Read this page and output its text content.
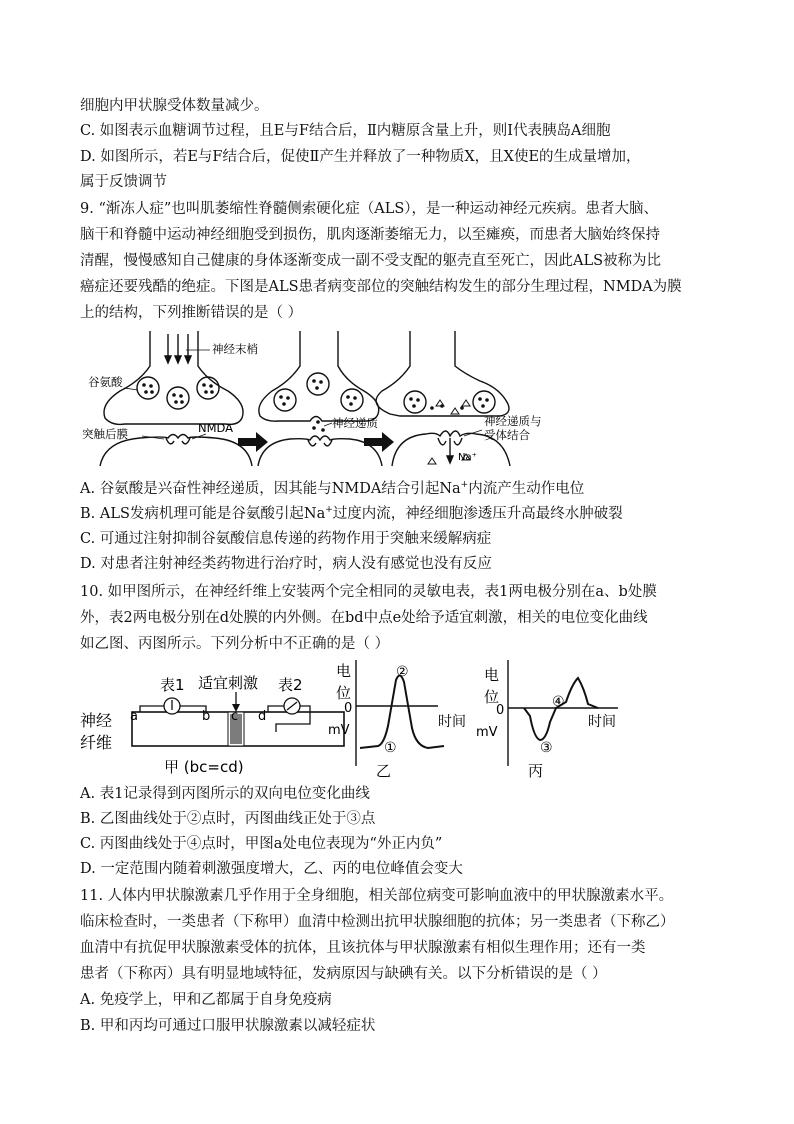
细胞内甲状腺受体数量减少。
C. 如图表示血糖调节过程，且E与F结合后，Ⅱ内糖原含量上升，则Ⅰ代表胰岛A细胞
D. 如图所示，若E与F结合后，促使Ⅱ产生并释放了一种物质X，且X使E的生成量增加，
属于反馈调节
9. “渐冻人症”也叫肌萎缩性脊髓侧索硬化症（ALS），是一种运动神经元疾病。患者大脑、
脑干和脊髓中运动神经细胞受到损伤，肌肉逐渐萎缩无力，以至瘫痪，而患者大脑始终保持
清醒，慢慢感知自己健康的身体逐渐变成一副不受支配的躯壳直至死亡，因此ALS被称为比
癌症还要残酷的绝症。下图是ALS患者病变部位的突触结构发生的部分生理过程，NMDA为膜
上的结构，下列推断错误的是（ ）
神经末梢
谷氨酸
突触后膜	NMDA	神经递质	神经递质与
受体结合
Na⁺
A. 谷氨酸是兴奋性神经递质，因其能与NMDA结合引起Na+内流产生动作电位
B. ALS发病机理可能是谷氨酸引起Na+过度内流，神经细胞渗透压升高最终水肿破裂
C. 可通过注射抑制谷氨酸信息传递的药物作用于突触来缓解病症
D. 对患者注射神经类药物进行治疗时，病人没有感觉也没有反应
10. 如甲图所示，在神经纤维上安装两个完全相同的灵敏电表，表1两电极分别在a、b处膜
外，表2两电极分别在d处膜的内外侧。在bd中点e处给予适宜刺激，相关的电位变化曲线
如乙图、丙图所示。下列分析中不正确的是（ ）
神经
纤维
a	b c d
表1 适宜刺激 表2
甲 (bc=cd)
电
位
0
mV
时间
②
①
乙
电
位
0
mV
时间
④
③
丙
A. 表1记录得到丙图所示的双向电位变化曲线
B. 乙图曲线处于②点时，丙图曲线正处于③点
C. 丙图曲线处于④点时，甲图a处电位表现为“外正内负”
D. 一定范围内随着刺激强度增大，乙、丙的电位峰值会变大
11. 人体内甲状腺激素几乎作用于全身细胞，相关部位病变可影响血液中的甲状腺激素水平。
临床检查时，一类患者（下称甲）血清中检测出抗甲状腺细胞的抗体；另一类患者（下称乙）
血清中有抗促甲状腺激素受体的抗体，且该抗体与甲状腺激素有相似生理作用；还有一类
患者（下称丙）具有明显地域特征，发病原因与缺碘有关。以下分析错误的是（ ）
A. 免疫学上，甲和乙都属于自身免疫病
B. 甲和丙均可通过口服甲状腺激素以减轻症状
